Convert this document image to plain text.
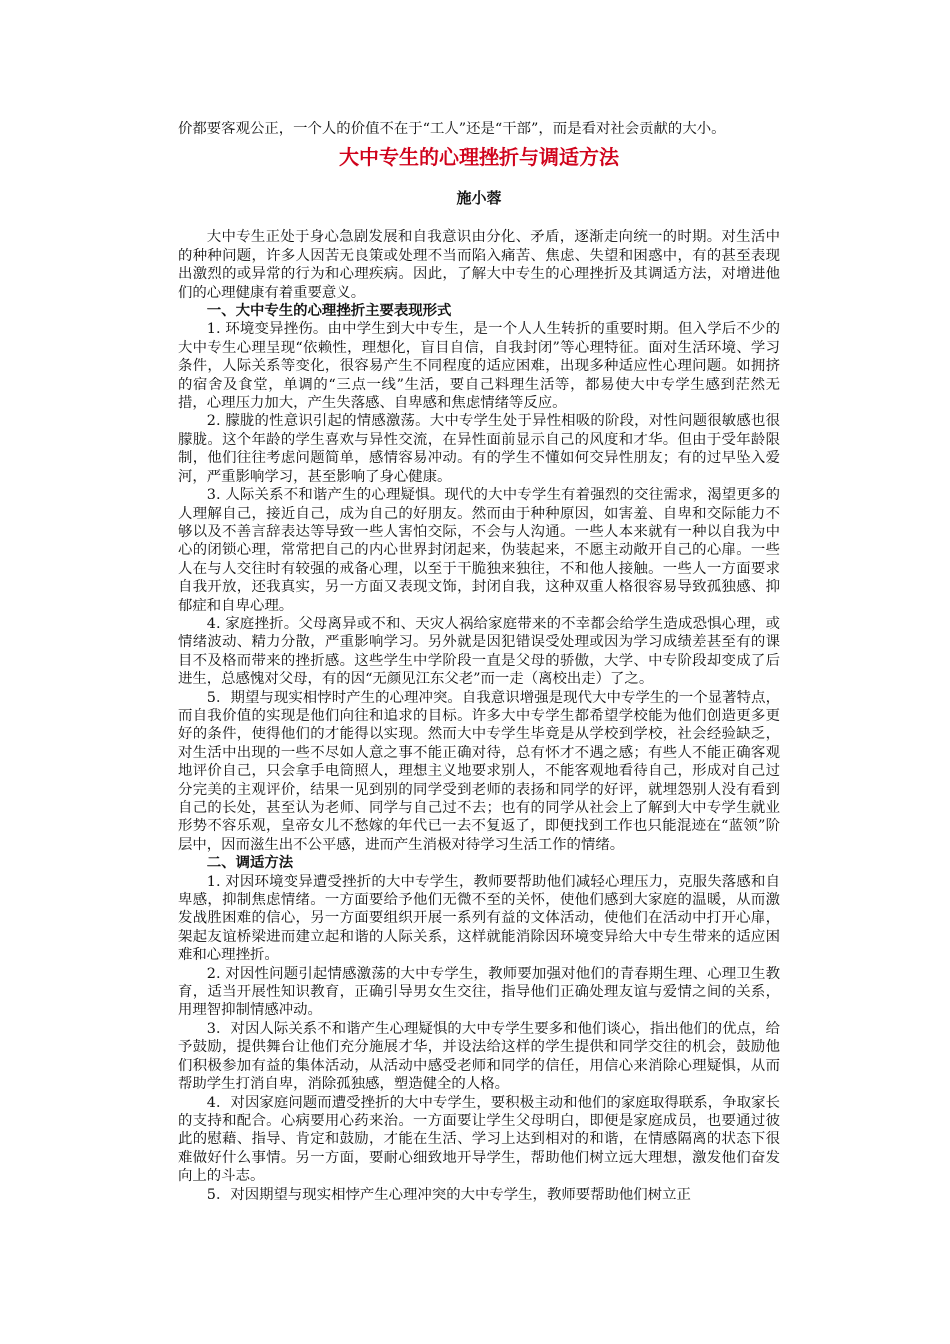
价都要客观公正，一个人的价值不在于“工人”还是“干部”，而是看对社会贡献的大小。

大中专生的心理挫折与调适方法

施小蓉

大中专生正处于身心急剧发展和自我意识由分化、矛盾，逐渐走向统一的时期。对生活中的种种问题，许多人因苦无良策或处理不当而陷入痛苦、焦虑、失望和困惑中，有的甚至表现出激烈的或异常的行为和心理疾病。因此，了解大中专生的心理挫折及其调适方法，对增进他们的心理健康有着重要意义。

一、大中专生的心理挫折主要表现形式

1. 环境变异挫伤。由中学生到大中专生，是一个人人生转折的重要时期。但入学后不少的大中专生心理呈现“依赖性，理想化，盲目自信，自我封闭”等心理特征。面对生活环境、学习条件，人际关系等变化，很容易产生不同程度的适应困难，出现多种适应性心理问题。如拥挤的宿舍及食堂，单调的“三点一线”生活，要自己料理生活等，都易使大中专学生感到茫然无措，心理压力加大，产生失落感、自卑感和焦虑情绪等反应。

2. 朦胧的性意识引起的情感激荡。大中专学生处于异性相吸的阶段，对性问题很敏感也很朦胧。这个年龄的学生喜欢与异性交流，在异性面前显示自己的风度和才华。但由于受年龄限制，他们往往考虑问题简单，感情容易冲动。有的学生不懂如何交异性朋友；有的过早坠入爱河，严重影响学习，甚至影响了身心健康。

3. 人际关系不和谐产生的心理疑惧。现代的大中专学生有着强烈的交往需求，渴望更多的人理解自己，接近自己，成为自己的好朋友。然而由于种种原因，如害羞、自卑和交际能力不够以及不善言辞表达等导致一些人害怕交际，不会与人沟通。一些人本来就有一种以自我为中心的闭锁心理，常常把自己的内心世界封闭起来，伪装起来，不愿主动敞开自己的心扉。一些人在与人交往时有较强的戒备心理，以至于干脆独来独往，不和他人接触。一些人一方面要求自我开放，还我真实，另一方面又表现文饰，封闭自我，这种双重人格很容易导致孤独感、抑郁症和自卑心理。

4. 家庭挫折。父母离异或不和、天灾人祸给家庭带来的不幸都会给学生造成恐惧心理，或情绪波动、精力分散，严重影响学习。另外就是因犯错误受处理或因为学习成绩差甚至有的课目不及格而带来的挫折感。这些学生中学阶段一直是父母的骄傲，大学、中专阶段却变成了后进生，总感愧对父母，有的因“无颜见江东父老”而一走（离校出走）了之。

5．期望与现实相悖时产生的心理冲突。自我意识增强是现代大中专学生的一个显著特点，而自我价值的实现是他们向往和追求的目标。许多大中专学生都希望学校能为他们创造更多更好的条件，使得他们的才能得以实现。然而大中专学生毕竟是从学校到学校，社会经验缺乏，对生活中出现的一些不尽如人意之事不能正确对待，总有怀才不遇之感；有些人不能正确客观地评价自己，只会拿手电筒照人，理想主义地要求别人，不能客观地看待自己，形成对自己过分完美的主观评价，结果一见到别的同学受到老师的表扬和同学的好评，就埋怨别人没有看到自己的长处，甚至认为老师、同学与自己过不去；也有的同学从社会上了解到大中专学生就业形势不容乐观，皇帝女儿不愁嫁的年代已一去不复返了，即便找到工作也只能混迹在“蓝领”阶层中，因而滋生出不公平感，进而产生消极对待学习生活工作的情绪。

二、调适方法

1. 对因环境变异遭受挫折的大中专学生，教师要帮助他们减轻心理压力，克服失落感和自卑感，抑制焦虑情绪。一方面要给予他们无微不至的关怀，使他们感到大家庭的温暖，从而激发战胜困难的信心，另一方面要组织开展一系列有益的文体活动，使他们在活动中打开心扉，架起友谊桥梁进而建立起和谐的人际关系，这样就能消除因环境变异给大中专生带来的适应困难和心理挫折。

2. 对因性问题引起情感激荡的大中专学生，教师要加强对他们的青春期生理、心理卫生教育，适当开展性知识教育，正确引导男女生交往，指导他们正确处理友谊与爱情之间的关系，用理智抑制情感冲动。

3．对因人际关系不和谐产生心理疑惧的大中专学生要多和他们谈心，指出他们的优点，给予鼓励，提供舞台让他们充分施展才华，并设法给这样的学生提供和同学交往的机会，鼓励他们积极参加有益的集体活动，从活动中感受老师和同学的信任，用信心来消除心理疑惧，从而帮助学生打消自卑，消除孤独感，塑造健全的人格。

4．对因家庭问题而遭受挫折的大中专学生，要积极主动和他们的家庭取得联系，争取家长的支持和配合。心病要用心药来治。一方面要让学生父母明白，即便是家庭成员，也要通过彼此的慰藉、指导、肯定和鼓励，才能在生活、学习上达到相对的和谐，在情感隔离的状态下很难做好什么事情。另一方面，要耐心细致地开导学生，帮助他们树立远大理想，激发他们奋发向上的斗志。

5．对因期望与现实相悖产生心理冲突的大中专学生，教师要帮助他们树立正
